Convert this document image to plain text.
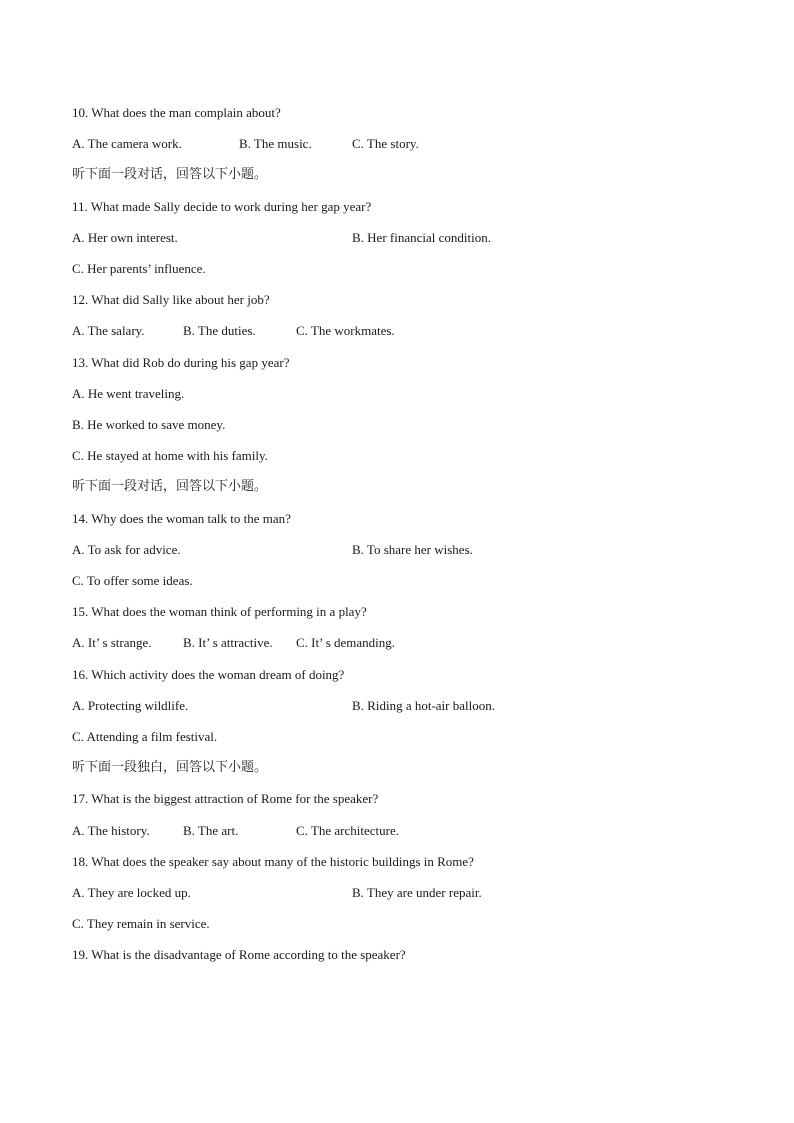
10. What does the man complain about?
A. The camera work.	B. The music.	C. The story.
听下面一段对话，回答以下小题。
11. What made Sally decide to work during her gap year?
A. Her own interest.	B. Her financial condition.
C. Her parents’ influence.
12. What did Sally like about her job?
A. The salary.	B. The duties.	C. The workmates.
13. What did Rob do during his gap year?
A. He went traveling.
B. He worked to save money.
C. He stayed at home with his family.
听下面一段对话，回答以下小题。
14. Why does the woman talk to the man?
A. To ask for advice.	B. To share her wishes.
C. To offer some ideas.
15. What does the woman think of performing in a play?
A. It’ s strange. B. It’ s attractive. C. It’ s demanding.
16. Which activity does the woman dream of doing?
A. Protecting wildlife.	B. Riding a hot-air balloon.
C. Attending a film festival.
听下面一段独白，回答以下小题。
17. What is the biggest attraction of Rome for the speaker?
A. The history.	B. The art.	C. The architecture.
18. What does the speaker say about many of the historic buildings in Rome?
A. They are locked up.	B. They are under repair.
C. They remain in service.
19. What is the disadvantage of Rome according to the speaker?
